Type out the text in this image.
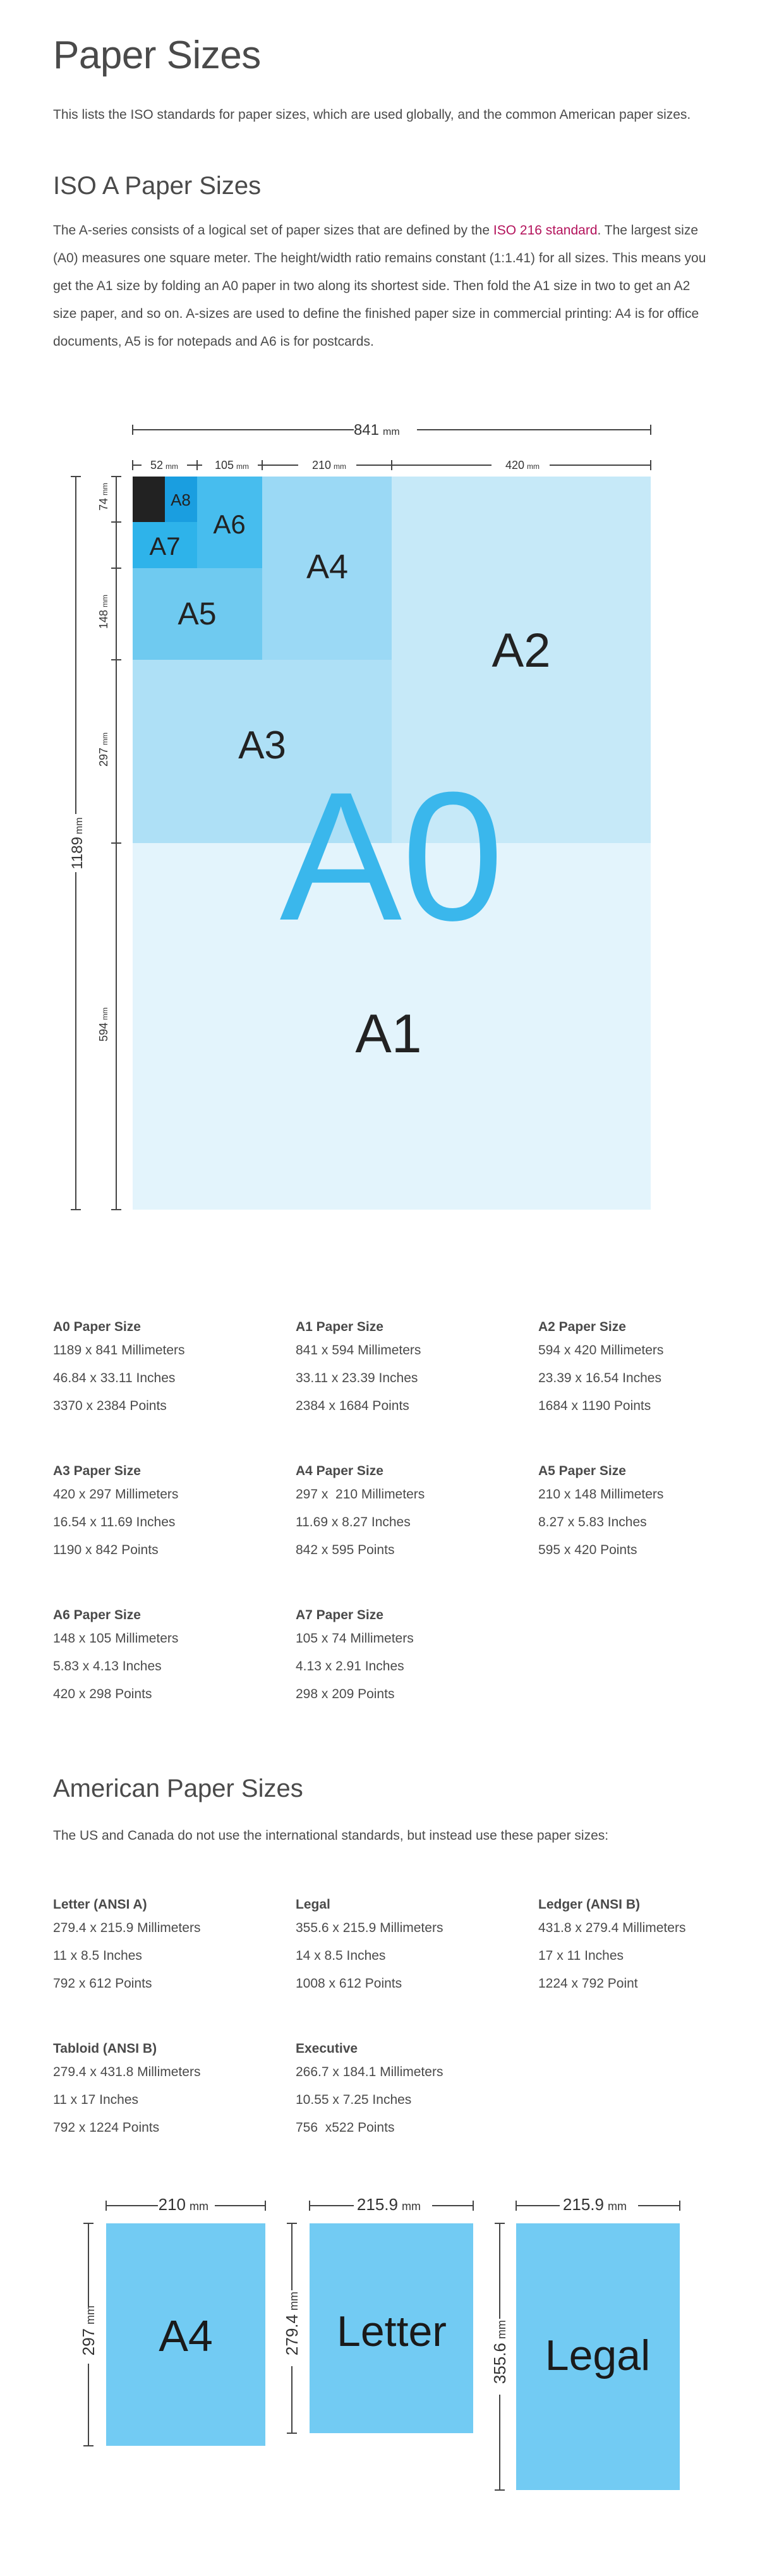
Paper Sizes

This lists the ISO standards for paper sizes, which are used globally, and the common American paper sizes.

ISO A Paper Sizes

The A-series consists of a logical set of paper sizes that are defined by the ISO 216 standard. The largest size (A0) measures one square meter. The height/width ratio remains constant (1:1.41) for all sizes. This means you get the A1 size by folding an A0 paper in two along its shortest side. Then fold the A1 size in two to get an A2 size paper, and so on. A-sizes are used to define the finished paper size in commercial printing: A4 is for office documents, A5 is for notepads and A6 is for postcards.

A0
A1
A2
A3
A4
A5
A6
A7
A8
841 mm
52 mm	105 mm	210 mm	420 mm
74
mm
148
mm
297
mm
1189
mm
594
mm
A0 Paper Size
1189 x 841 Millimeters
46.84 x 33.11 Inches
3370 x 2384 Points
A1 Paper Size
841 x 594 Millimeters
33.11 x 23.39 Inches
2384 x 1684 Points
A2 Paper Size
594 x 420 Millimeters
23.39 x 16.54 Inches
1684 x 1190 Points
A3 Paper Size
420 x 297 Millimeters
16.54 x 11.69 Inches
1190 x 842 Points
A4 Paper Size
297 x  210 Millimeters
11.69 x 8.27 Inches
842 x 595 Points
A5 Paper Size
210 x 148 Millimeters
8.27 x 5.83 Inches
595 x 420 Points
A6 Paper Size
148 x 105 Millimeters
5.83 x 4.13 Inches
420 x 298 Points
A7 Paper Size
105 x 74 Millimeters
4.13 x 2.91 Inches
298 x 209 Points
American Paper Sizes

The US and Canada do not use the international standards, but instead use these paper sizes:

Letter (ANSI A)
279.4 x 215.9 Millimeters
11 x 8.5 Inches
792 x 612 Points
Legal
355.6 x 215.9 Millimeters
14 x 8.5 Inches
1008 x 612 Points
Ledger (ANSI B)
431.8 x 279.4 Millimeters
17 x 11 Inches
1224 x 792 Point
Tabloid (ANSI B)
279.4 x 431.8 Millimeters
11 x 17 Inches
792 x 1224 Points
Executive
266.7 x 184.1 Millimeters
10.55 x 7.25 Inches
756  x522 Points
A4	Letter Legal
210 mm	215.9 mm	215.9 mm
297
mm	279.4
mm
355.6
mm
